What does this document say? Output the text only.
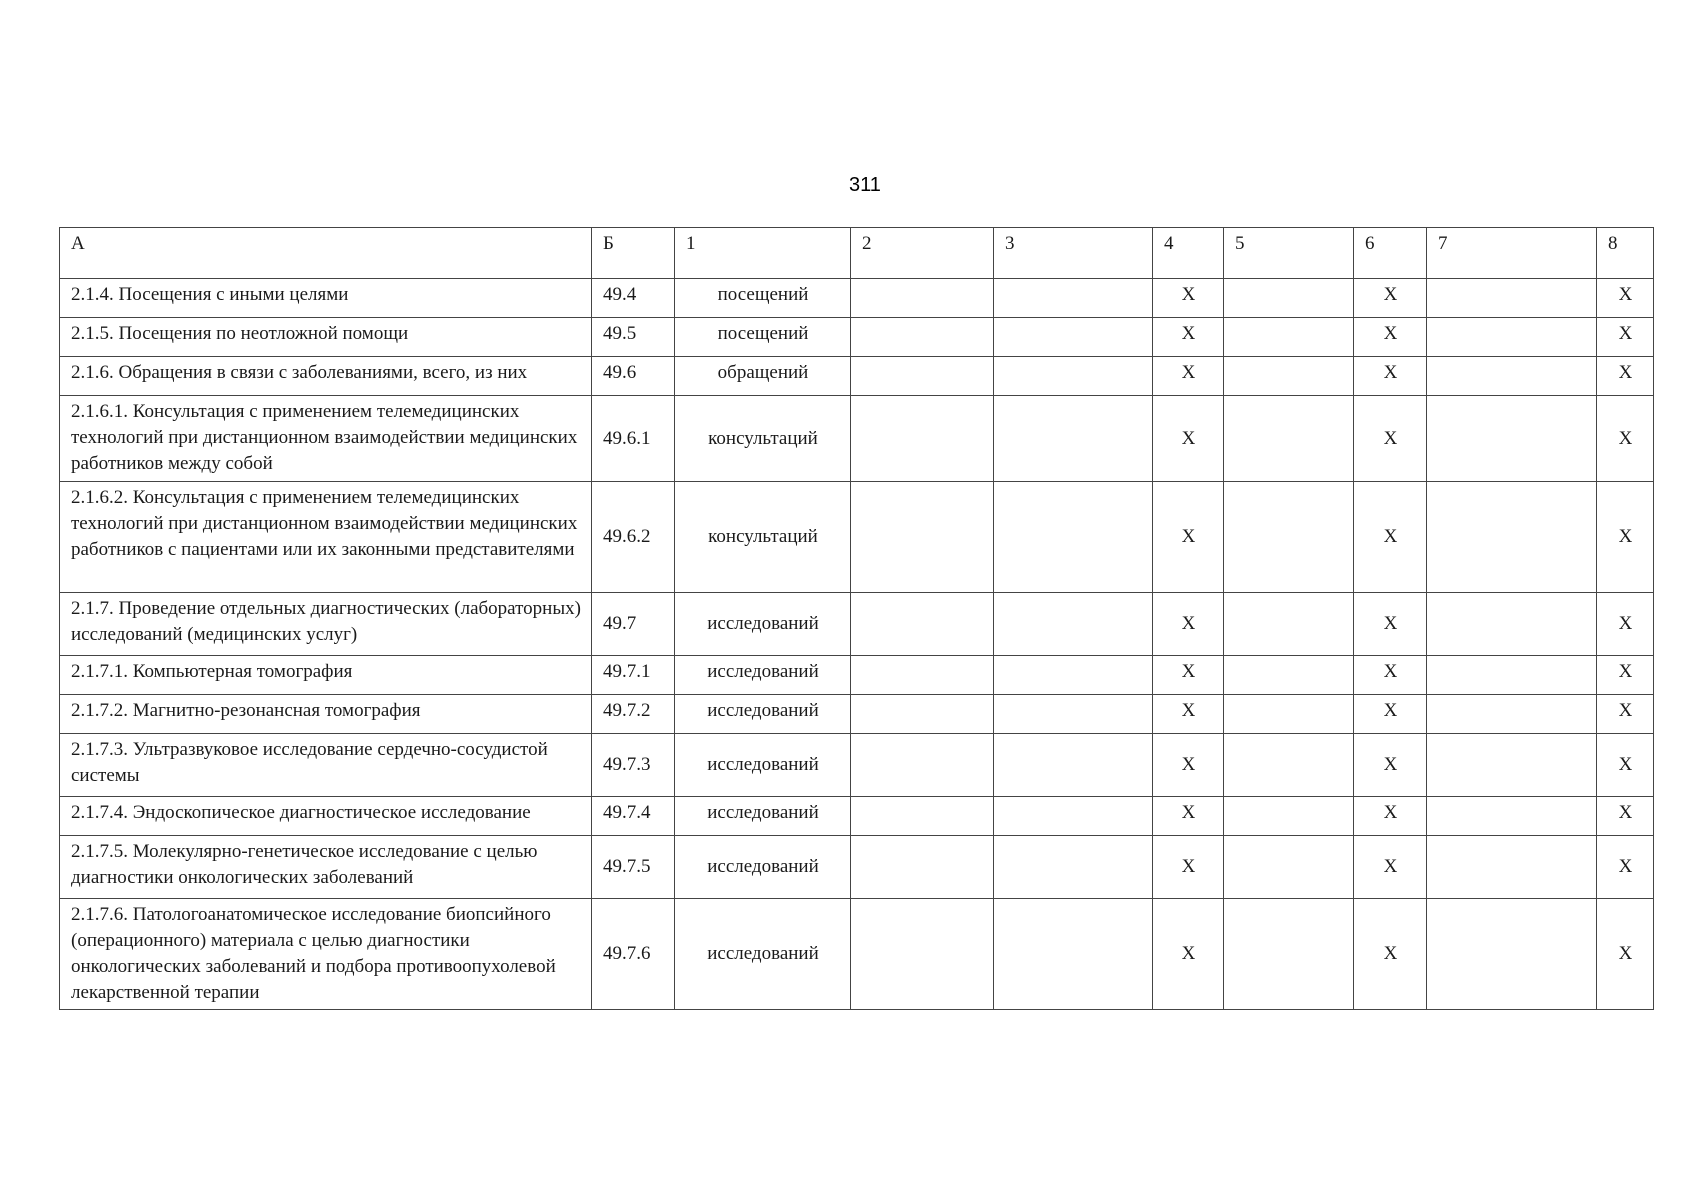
311
А	Б	1	2	3	4	5	6	7	8
2.1.4. Посещения с иными целями	49.4	посещений			X		X		X
2.1.5. Посещения по неотложной помощи	49.5	посещений			X		X		X
2.1.6. Обращения в связи с заболеваниями, всего, из них	49.6	обращений			X		X		X
2.1.6.1. Консультация с применением телемедицинских технологий при дистанционном взаимодействии медицинских работников между собой	49.6.1	консультаций			X		X		X
2.1.6.2. Консультация с применением телемедицинских технологий при дистанционном взаимодействии медицинских работников с пациентами или их законными представителями	49.6.2	консультаций			X		X		X
2.1.7. Проведение отдельных диагностических (лабораторных) исследований (медицинских услуг)	49.7	исследований			X		X		X
2.1.7.1. Компьютерная томография	49.7.1	исследований			X		X		X
2.1.7.2. Магнитно-резонансная томография	49.7.2	исследований			X		X		X
2.1.7.3. Ультразвуковое исследование сердечно-сосудистой системы	49.7.3	исследований			X		X		X
2.1.7.4. Эндоскопическое диагностическое исследование	49.7.4	исследований			X		X		X
2.1.7.5. Молекулярно-генетическое исследование с целью диагностики онкологических заболеваний	49.7.5	исследований			X		X		X
2.1.7.6. Патологоанатомическое исследование биопсийного (операционного) материала с целью диагностики онкологических заболеваний и подбора противоопухолевой лекарственной терапии	49.7.6	исследований			X		X		X
